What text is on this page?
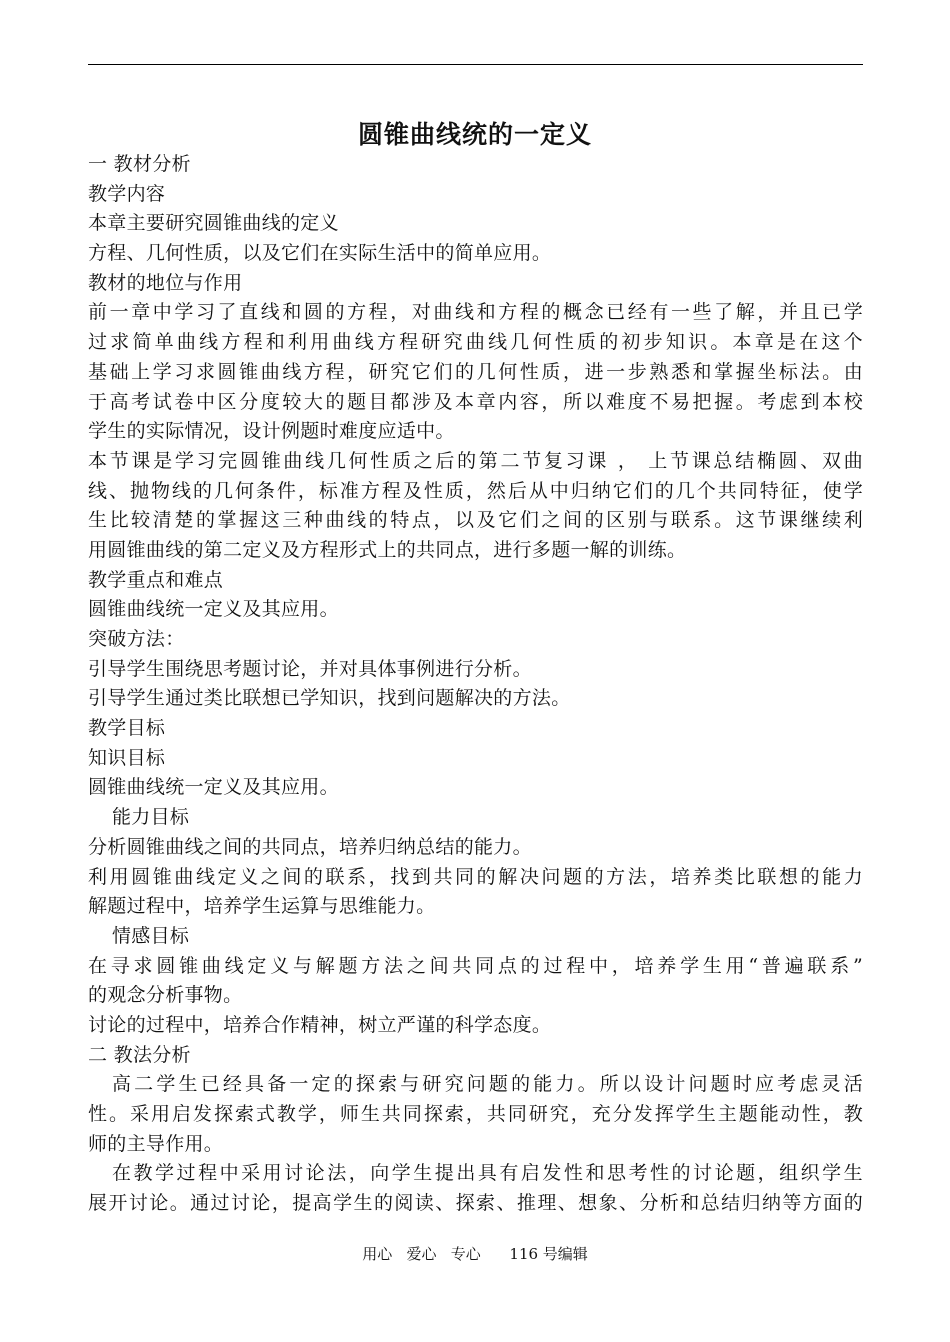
圆锥曲线统的一定义
一 教材分析
教学内容
本章主要研究圆锥曲线的定义
方程、几何性质，以及它们在实际生活中的简单应用。
教材的地位与作用
前一章中学习了直线和圆的方程，对曲线和方程的概念已经有一些了解，并且已学
过求简单曲线方程和利用曲线方程研究曲线几何性质的初步知识。本章是在这个
基础上学习求圆锥曲线方程，研究它们的几何性质，进一步熟悉和掌握坐标法。由
于高考试卷中区分度较大的题目都涉及本章内容，所以难度不易把握。考虑到本校
学生的实际情况，设计例题时难度应适中。
本节课是学习完圆锥曲线几何性质之后的第二节复习课 ， 上节课总结椭圆、双曲
线、抛物线的几何条件，标准方程及性质，然后从中归纳它们的几个共同特征，使学
生比较清楚的掌握这三种曲线的特点，以及它们之间的区别与联系。这节课继续利
用圆锥曲线的第二定义及方程形式上的共同点，进行多题一解的训练。
教学重点和难点
圆锥曲线统一定义及其应用。
突破方法：
引导学生围绕思考题讨论，并对具体事例进行分析。
引导学生通过类比联想已学知识，找到问题解决的方法。
教学目标
知识目标
圆锥曲线统一定义及其应用。
能力目标
分析圆锥曲线之间的共同点，培养归纳总结的能力。
利用圆锥曲线定义之间的联系，找到共同的解决问题的方法，培养类比联想的能力
解题过程中，培养学生运算与思维能力。
情感目标
在寻求圆锥曲线定义与解题方法之间共同点的过程中，培养学生用“普遍联系”
的观念分析事物。
讨论的过程中，培养合作精神，树立严谨的科学态度。
二 教法分析
高二学生已经具备一定的探索与研究问题的能力。所以设计问题时应考虑灵活
性。采用启发探索式教学，师生共同探索，共同研究，充分发挥学生主题能动性，教
师的主导作用。
在教学过程中采用讨论法，向学生提出具有启发性和思考性的讨论题，组织学生
展开讨论。通过讨论，提高学生的阅读、探索、推理、想象、分析和总结归纳等方面的
用心   爱心   专心      116 号编辑
